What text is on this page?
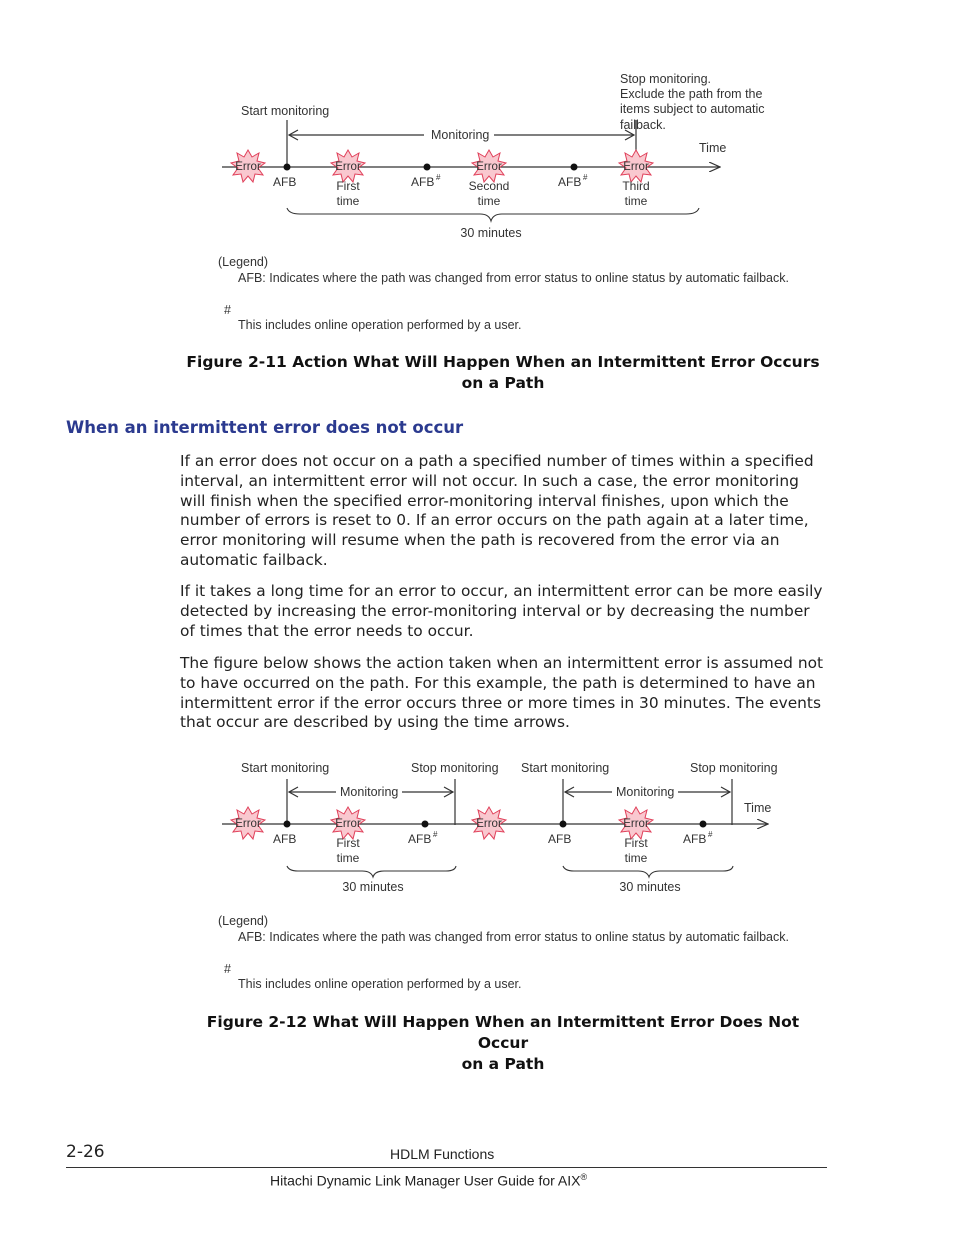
Start monitoring
Stop monitoring.
Exclude the path from the
items subject to automatic
failback.
Monitoring
Time
Error	Error	Error	Error
AFB	AFB #	AFB #
First
time
Second
time
Third
time
30 minutes
(Legend)
AFB: Indicates where the path was changed from error status to online status by automatic failback.
#
This includes online operation performed by a user.
Start monitoring	Stop monitoring Start monitoring	Stop monitoring
Monitoring	Monitoring
Time
Error	Error	Error	Error
AFB	AFB #	AFB	AFB #
First
time
First
time
30 minutes	30 minutes
(Legend)
AFB: Indicates where the path was changed from error status to online status by automatic failback.
#
This includes online operation performed by a user.
Figure 2-11 Action What Will Happen When an Intermittent Error Occurs
on a Path
When an intermittent error does not occur

If an error does not occur on a path a specified number of times within a specified interval, an intermittent error will not occur. In such a case, the error monitoring will finish when the specified error-monitoring interval finishes, upon which the number of errors is reset to 0. If an error occurs on the path again at a later time, error monitoring will resume when the path is recovered from the error via an automatic failback.

If it takes a long time for an error to occur, an intermittent error can be more easily detected by increasing the error-monitoring interval or by decreasing the number of times that the error needs to occur.

The figure below shows the action taken when an intermittent error is assumed not to have occurred on the path. For this example, the path is determined to have an intermittent error if the error occurs three or more times in 30 minutes. The events that occur are described by using the time arrows.

Figure 2-12 What Will Happen When an Intermittent Error Does Not Occur
on a Path
2-26	HDLM Functions
Hitachi Dynamic Link Manager User Guide for AIX®
